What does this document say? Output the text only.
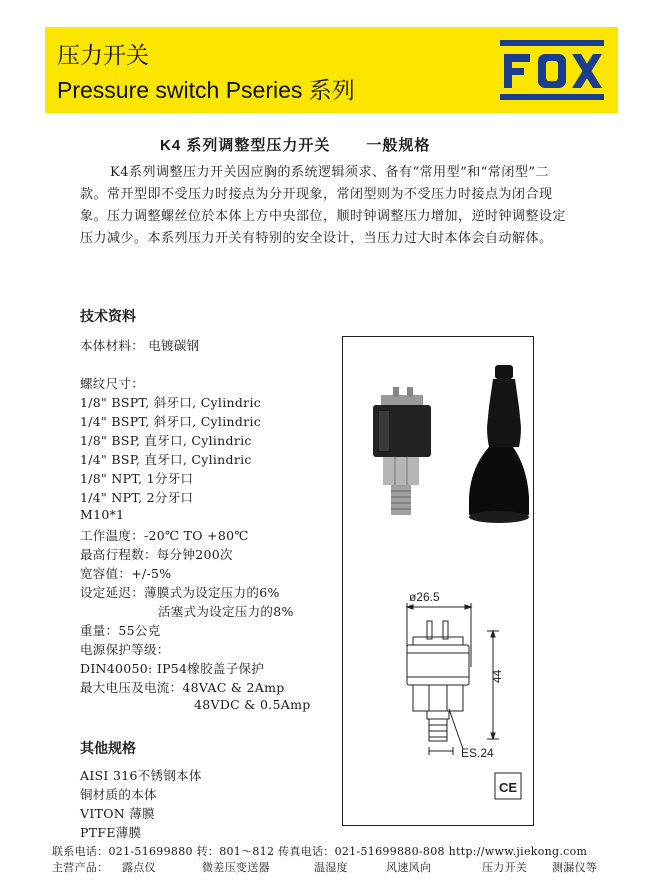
压力开关
Pressure switch Pseries 系列
K4 系列调整型压力开关 一般规格
K4系列调整压力开关因应胸的系统逻辑须求、备有“常用型”和“常闭型”二款。常开型即不受压力时接点为分开现象，常闭型则为不受压力时接点为闭合现象。压力调整螺丝位於本体上方中央部位，顺时钟调整压力增加，逆时钟调整设定压力减少。本系列压力开关有特别的安全设计，当压力过大时本体会自动解体。
技术资料
本体材料： 电镀碳钢
螺纹尺寸：
1/8" BSPT, 斜牙口, Cylindric
1/4" BSPT, 斜牙口, Cylindric
1/8" BSP, 直牙口, Cylindric
1/4" BSP, 直牙口, Cylindric
1/8" NPT, 1分牙口
1/4" NPT, 2分牙口
M10*1
工作温度：-20℃ TO +80℃
最高行程数：每分钟200次
宽容值：+/-5%
设定延迟：薄膜式为设定压力的6%
活塞式为设定压力的8%
重量：55公克
电源保护等级：
DIN40050: IP54橡胶盖子保护
最大电压及电流：48VAC & 2Amp
48VDC & 0.5Amp
其他规格
AISI 316不锈钢本体
铜材质的本体
VITON 薄膜
PTFE薄膜
ø26.5
44
ES.24
CE
联系电话：021-51699880 转：801～812 传真电话：021-51699880-808 http://www.jiekong.com
主营产品：	露点仪	微差压变送器	温湿度	风速风向	压力开关	测漏仪等
